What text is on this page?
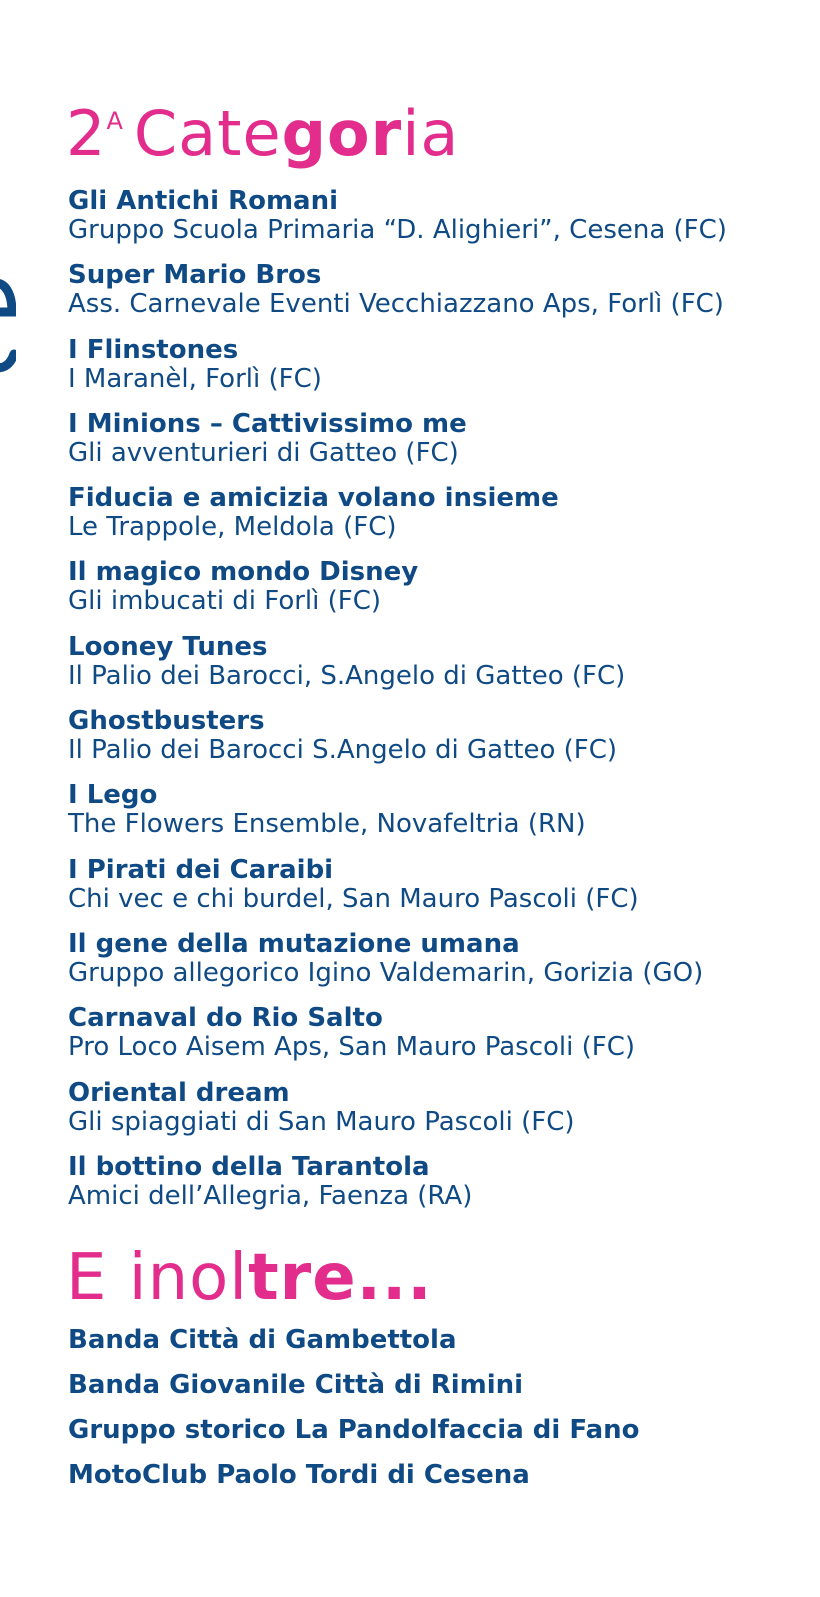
$2^A$ Categoria
Gli Antichi Romani
Gruppo Scuola Primaria “D. Alighieri”, Cesena (FC)
Super Mario Bros
Ass. Carnevale Eventi Vecchiazzano Aps, Forlì (FC)
I Flinstones
I Maranèl, Forlì (FC)
I Minions – Cattivissimo me
Gli avventurieri di Gatteo (FC)
Fiducia e amicizia volano insieme
Le Trappole, Meldola (FC)
Il magico mondo Disney
Gli imbucati di Forlì (FC)
Looney Tunes
Il Palio dei Barocci, S.Angelo di Gatteo (FC)
Ghostbusters
Il Palio dei Barocci S.Angelo di Gatteo (FC)
I Lego
The Flowers Ensemble, Novafeltria (RN)
I Pirati dei Caraibi
Chi vec e chi burdel, San Mauro Pascoli (FC)
Il gene della mutazione umana
Gruppo allegorico Igino Valdemarin, Gorizia (GO)
Carnaval do Rio Salto
Pro Loco Aisem Aps, San Mauro Pascoli (FC)
Oriental dream
Gli spiaggiati di San Mauro Pascoli (FC)
Il bottino della Tarantola
Amici dell’Allegria, Faenza (RA)
E inoltre...
Banda Città di Gambettola
Banda Giovanile Città di Rimini
Gruppo storico La Pandolfaccia di Fano
MotoClub Paolo Tordi di Cesena
